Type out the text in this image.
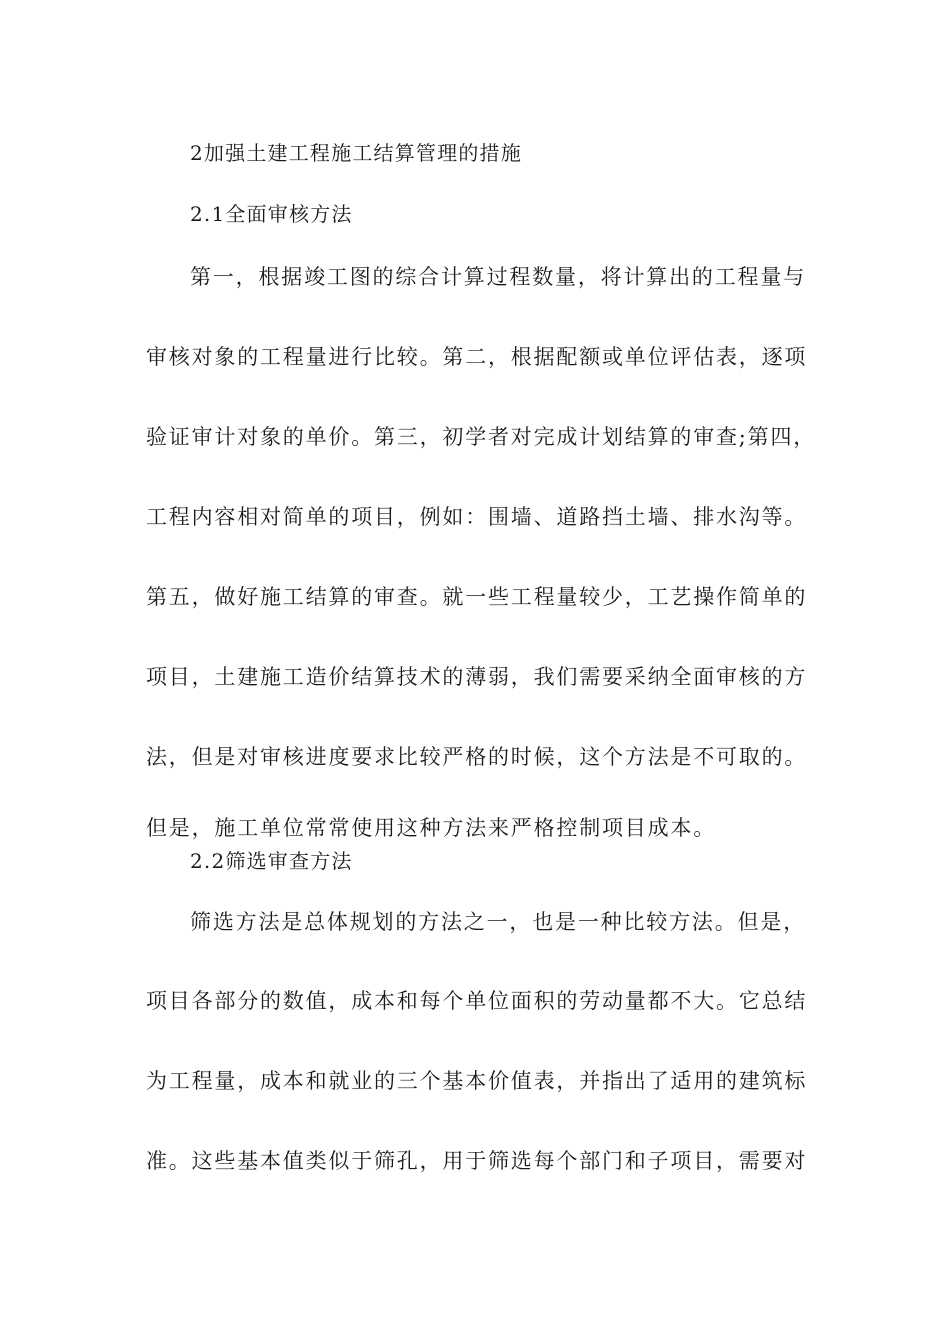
2加强土建工程施工结算管理的措施
2.1全面审核方法
第一，根据竣工图的综合计算过程数量，将计算出的工程量与
审核对象的工程量进行比较。第二，根据配额或单位评估表，逐项
验证审计对象的单价。第三，初学者对完成计划结算的审查;第四，
工程内容相对简单的项目，例如：围墙、道路挡土墙、排水沟等。
第五，做好施工结算的审查。就一些工程量较少，工艺操作简单的
项目，土建施工造价结算技术的薄弱，我们需要采纳全面审核的方
法，但是对审核进度要求比较严格的时候，这个方法是不可取的。
但是，施工单位常常使用这种方法来严格控制项目成本。
2.2筛选审查方法
筛选方法是总体规划的方法之一，也是一种比较方法。但是，
项目各部分的数值，成本和每个单位面积的劳动量都不大。它总结
为工程量，成本和就业的三个基本价值表，并指出了适用的建筑标
准。这些基本值类似于筛孔，用于筛选每个部门和子项目，需要对
